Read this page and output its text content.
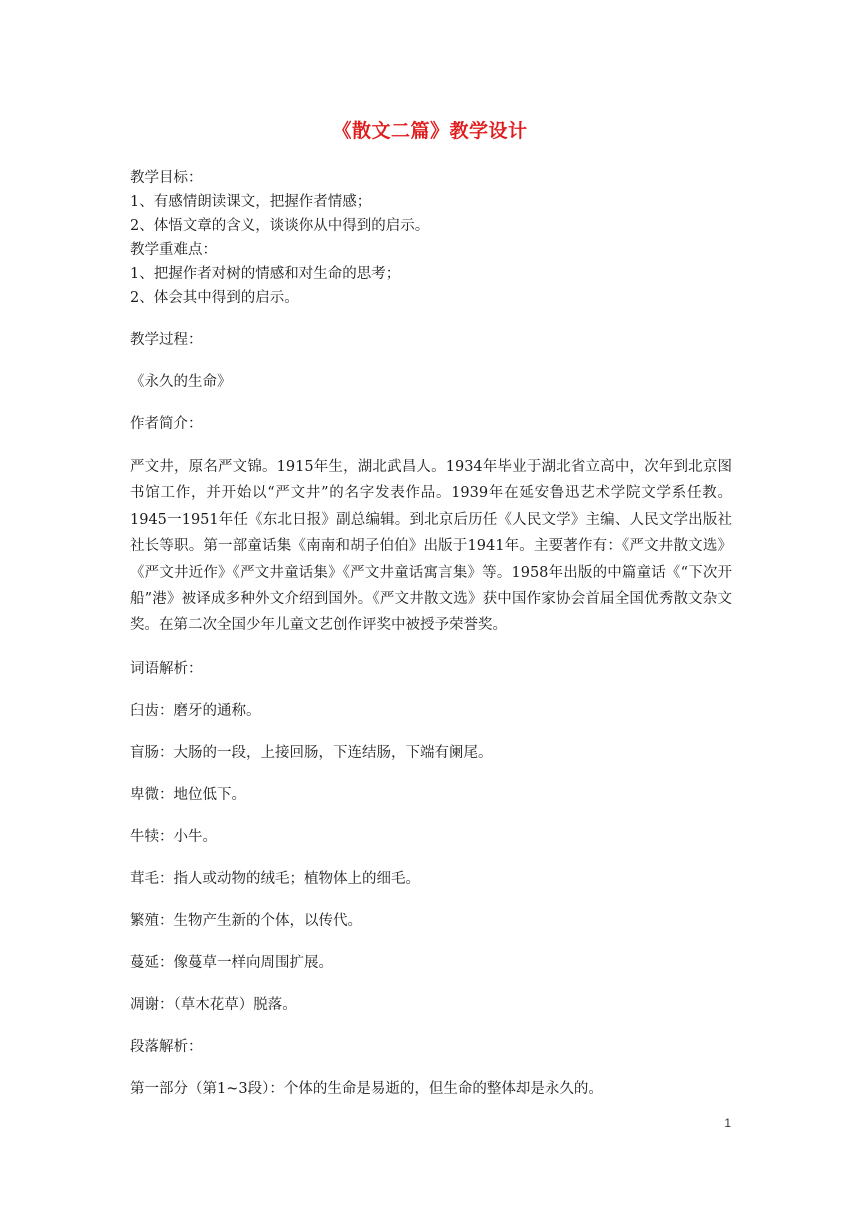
《散文二篇》教学设计

教学目标：

1、有感情朗读课文，把握作者情感；

2、体悟文章的含义，谈谈你从中得到的启示。

教学重难点：

1、把握作者对树的情感和对生命的思考；

2、体会其中得到的启示。

教学过程：

《永久的生命》

作者简介：

严文井，原名严文锦。1915年生，湖北武昌人。1934年毕业于湖北省立高中，次年到北京图书馆工作，并开始以“严文井”的名字发表作品。1939年在延安鲁迅艺术学院文学系任教。1945一1951年任《东北日报》副总编辑。到北京后历任《人民文学》主编、人民文学出版社社长等职。第一部童话集《南南和胡子伯伯》出版于1941年。主要著作有：《严文井散文选》《严文井近作》《严文井童话集》《严文井童话寓言集》等。1958年出版的中篇童话《“下次开船”港》被译成多种外文介绍到国外。《严文井散文选》获中国作家协会首届全国优秀散文杂文奖。在第二次全国少年儿童文艺创作评奖中被授予荣誉奖。

词语解析：

臼齿：磨牙的通称。

盲肠：大肠的一段，上接回肠，下连结肠，下端有阑尾。

卑微：地位低下。

牛犊：小牛。

茸毛：指人或动物的绒毛；植物体上的细毛。

繁殖：生物产生新的个体，以传代。

蔓延：像蔓草一样向周围扩展。

凋谢：（草木花草）脱落。

段落解析：

第一部分（第1~3段）：个体的生命是易逝的，但生命的整体却是永久的。

1
